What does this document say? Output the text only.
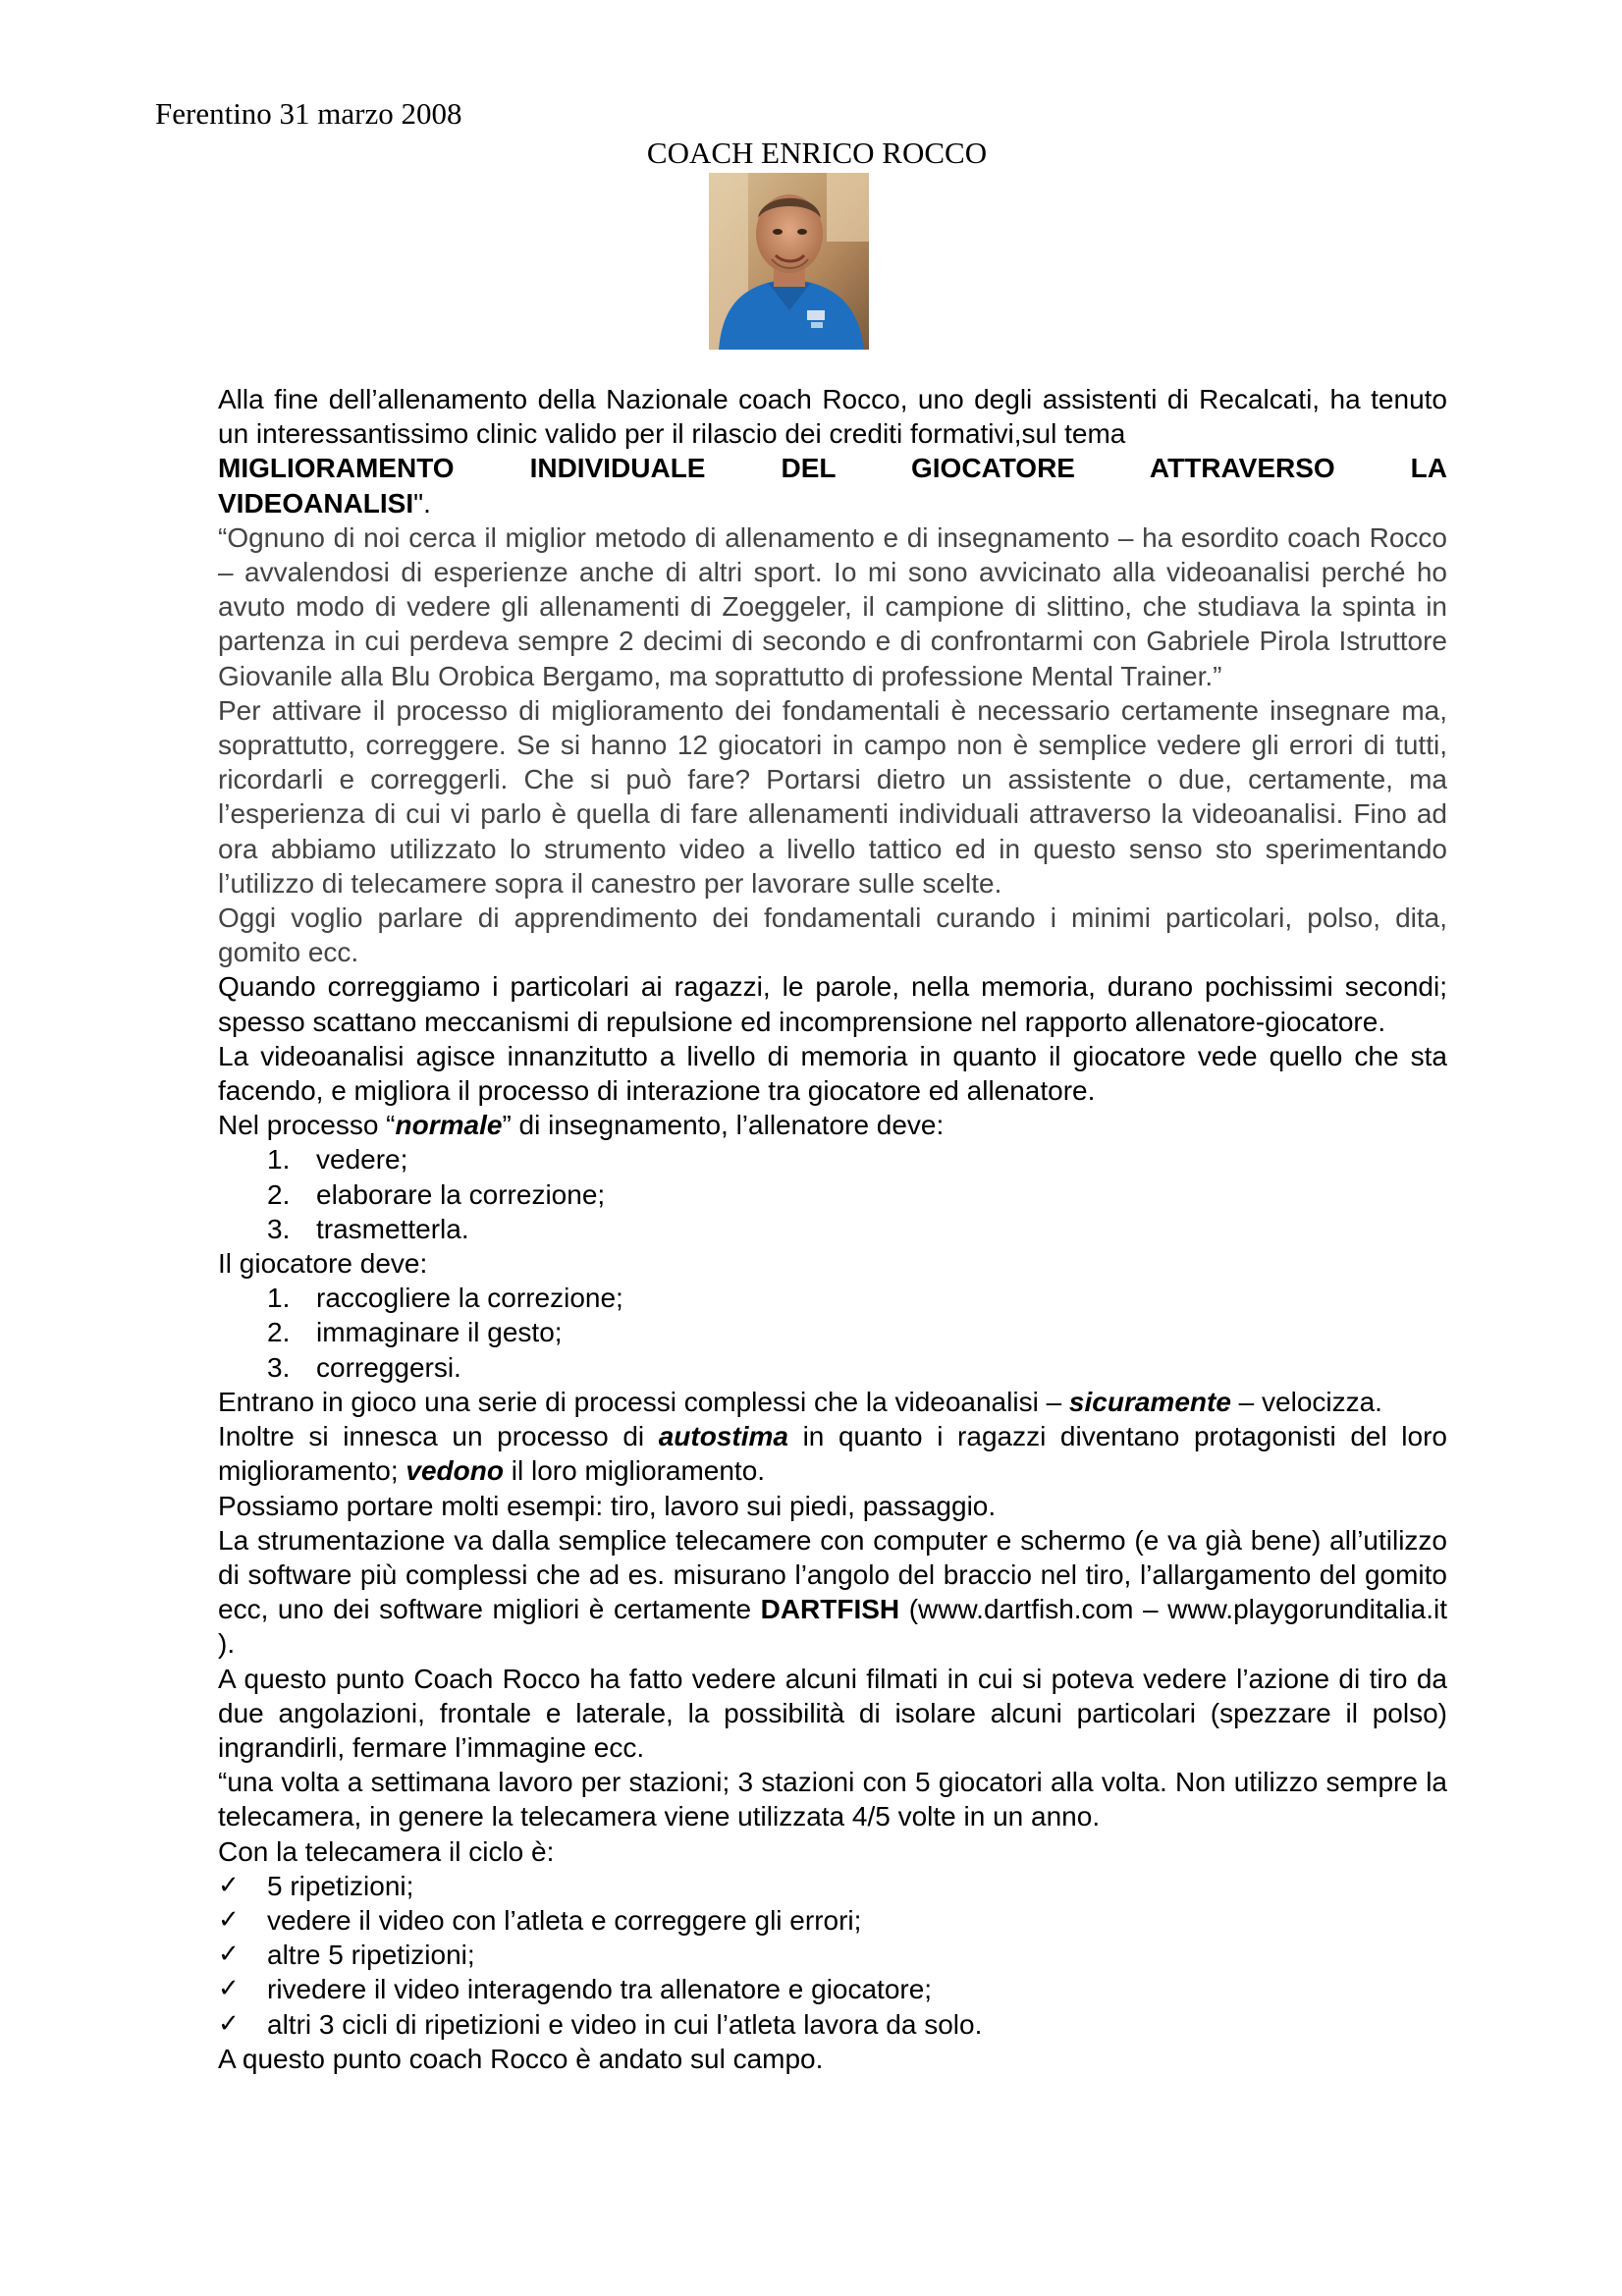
Ferentino 31 marzo 2008
COACH ENRICO ROCCO

Alla fine dell’allenamento della Nazionale coach Rocco, uno degli assistenti di Recalcati, ha tenuto un interessantissimo clinic valido per il rilascio dei crediti formativi,sul tema

MIGLIORAMENTO INDIVIDUALE DEL GIOCATORE ATTRAVERSO LA

VIDEOANALISI".

“Ognuno di noi cerca il miglior metodo di allenamento e di insegnamento – ha esordito coach Rocco – avvalendosi di esperienze anche di altri sport. Io mi sono avvicinato alla videoanalisi perché ho avuto modo di vedere gli allenamenti di Zoeggeler, il campione di slittino, che studiava la spinta in partenza in cui perdeva sempre 2 decimi di secondo e di confrontarmi con Gabriele Pirola Istruttore Giovanile alla Blu Orobica Bergamo, ma soprattutto di professione Mental Trainer.”

Per attivare il processo di miglioramento dei fondamentali è necessario certamente insegnare ma, soprattutto, correggere. Se si hanno 12 giocatori in campo non è semplice vedere gli errori di tutti, ricordarli e correggerli. Che si può fare? Portarsi dietro un assistente o due, certamente, ma l’esperienza di cui vi parlo è quella di fare allenamenti individuali attraverso la videoanalisi. Fino ad ora abbiamo utilizzato lo strumento video a livello tattico ed in questo senso sto sperimentando l’utilizzo di telecamere sopra il canestro per lavorare sulle scelte.

Oggi voglio parlare di apprendimento dei fondamentali curando i minimi particolari, polso, dita, gomito ecc.

Quando correggiamo i particolari ai ragazzi, le parole, nella memoria, durano pochissimi secondi; spesso scattano meccanismi di repulsione ed incomprensione nel rapporto allenatore-giocatore.

La videoanalisi agisce innanzitutto a livello di memoria in quanto il giocatore vede quello che sta facendo, e migliora il processo di interazione tra giocatore ed allenatore.

Nel processo “normale” di insegnamento, l’allenatore deve:

1. vedere;
2. elaborare la correzione;
3. trasmetterla.

Il giocatore deve:

1. raccogliere la correzione;
2. immaginare il gesto;
3. correggersi.

Entrano in gioco una serie di processi complessi che la videoanalisi – sicuramente – velocizza.

Inoltre si innesca un processo di autostima in quanto i ragazzi diventano protagonisti del loro miglioramento; vedono il loro miglioramento.

Possiamo portare molti esempi: tiro, lavoro sui piedi, passaggio.

La strumentazione va dalla semplice telecamere con computer e schermo (e va già bene) all’utilizzo di software più complessi che ad es. misurano l’angolo del braccio nel tiro, l’allargamento del gomito ecc, uno dei software migliori è certamente DARTFISH (www.dartfish.com – www.playgorunditalia.it ).

A questo punto Coach Rocco ha fatto vedere alcuni filmati in cui si poteva vedere l’azione di tiro da due angolazioni, frontale e laterale, la possibilità di isolare alcuni particolari (spezzare il polso) ingrandirli, fermare l’immagine ecc.

“una volta a settimana lavoro per stazioni; 3 stazioni con 5 giocatori alla volta. Non utilizzo sempre la telecamera, in genere la telecamera viene utilizzata 4/5 volte in un anno.

Con la telecamera il ciclo è:

✓ 5 ripetizioni;
✓ vedere il video con l’atleta e correggere gli errori;
✓ altre 5 ripetizioni;
✓ rivedere il video interagendo tra allenatore e giocatore;
✓ altri 3 cicli di ripetizioni e video in cui l’atleta lavora da solo.

A questo punto coach Rocco è andato sul campo.
